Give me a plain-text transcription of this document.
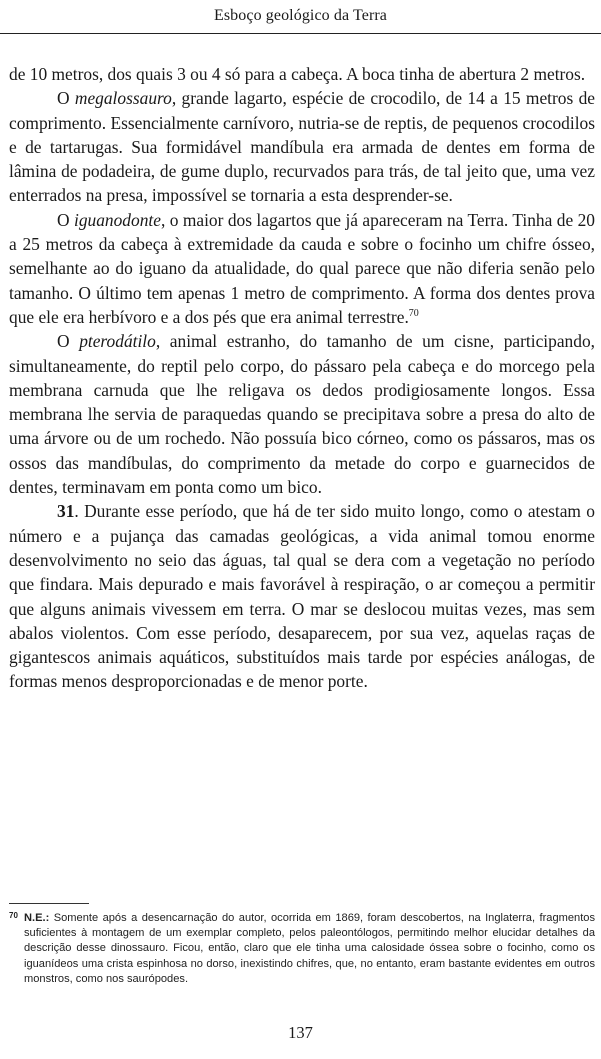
Esboço geológico da Terra

de 10 metros, dos quais 3 ou 4 só para a cabeça. A boca tinha de abertura 2 metros.

O megalossauro, grande lagarto, espécie de crocodilo, de 14 a 15 metros de comprimento. Essencialmente carnívoro, nutria-se de reptis, de pequenos crocodilos e de tartarugas. Sua formidável mandíbula era armada de dentes em forma de lâmina de podadeira, de gume duplo, recurvados para trás, de tal jeito que, uma vez enterrados na presa, impossível se tornaria a esta desprender-se.

O iguanodonte, o maior dos lagartos que já apareceram na Terra. Tinha de 20 a 25 metros da cabeça à extremidade da cauda e sobre o focinho um chifre ósseo, semelhante ao do iguano da atualidade, do qual parece que não diferia senão pelo tamanho. O último tem apenas 1 metro de comprimento. A forma dos dentes prova que ele era herbívoro e a dos pés que era animal terrestre.$^{70}$

O pterodátilo, animal estranho, do tamanho de um cisne, participando, simultaneamente, do reptil pelo corpo, do pássaro pela cabeça e do morcego pela membrana carnuda que lhe religava os dedos prodigiosamente longos. Essa membrana lhe servia de paraquedas quando se precipitava sobre a presa do alto de uma árvore ou de um rochedo. Não possuía bico córneo, como os pássaros, mas os ossos das mandíbulas, do comprimento da metade do corpo e guarnecidos de dentes, terminavam em ponta como um bico.

31. Durante esse período, que há de ter sido muito longo, como o atestam o número e a pujança das camadas geológicas, a vida animal tomou enorme desenvolvimento no seio das águas, tal qual se dera com a vegetação no período que findara. Mais depurado e mais favorável à respiração, o ar começou a permitir que alguns animais vivessem em terra. O mar se deslocou muitas vezes, mas sem abalos violentos. Com esse período, desaparecem, por sua vez, aquelas raças de gigantescos animais aquáticos, substituídos mais tarde por espécies análogas, de formas menos desproporcionadas e de menor porte.

70 N.E.: Somente após a desencarnação do autor, ocorrida em 1869, foram descobertos, na Inglaterra, fragmentos suficientes à montagem de um exemplar completo, pelos paleontólogos, permitindo melhor elucidar detalhes da descrição desse dinossauro. Ficou, então, claro que ele tinha uma calosidade óssea sobre o focinho, como os iguanídeos uma crista espinhosa no dorso, inexistindo chifres, que, no entanto, eram bastante evidentes em outros monstros, como nos saurópodes.
137
